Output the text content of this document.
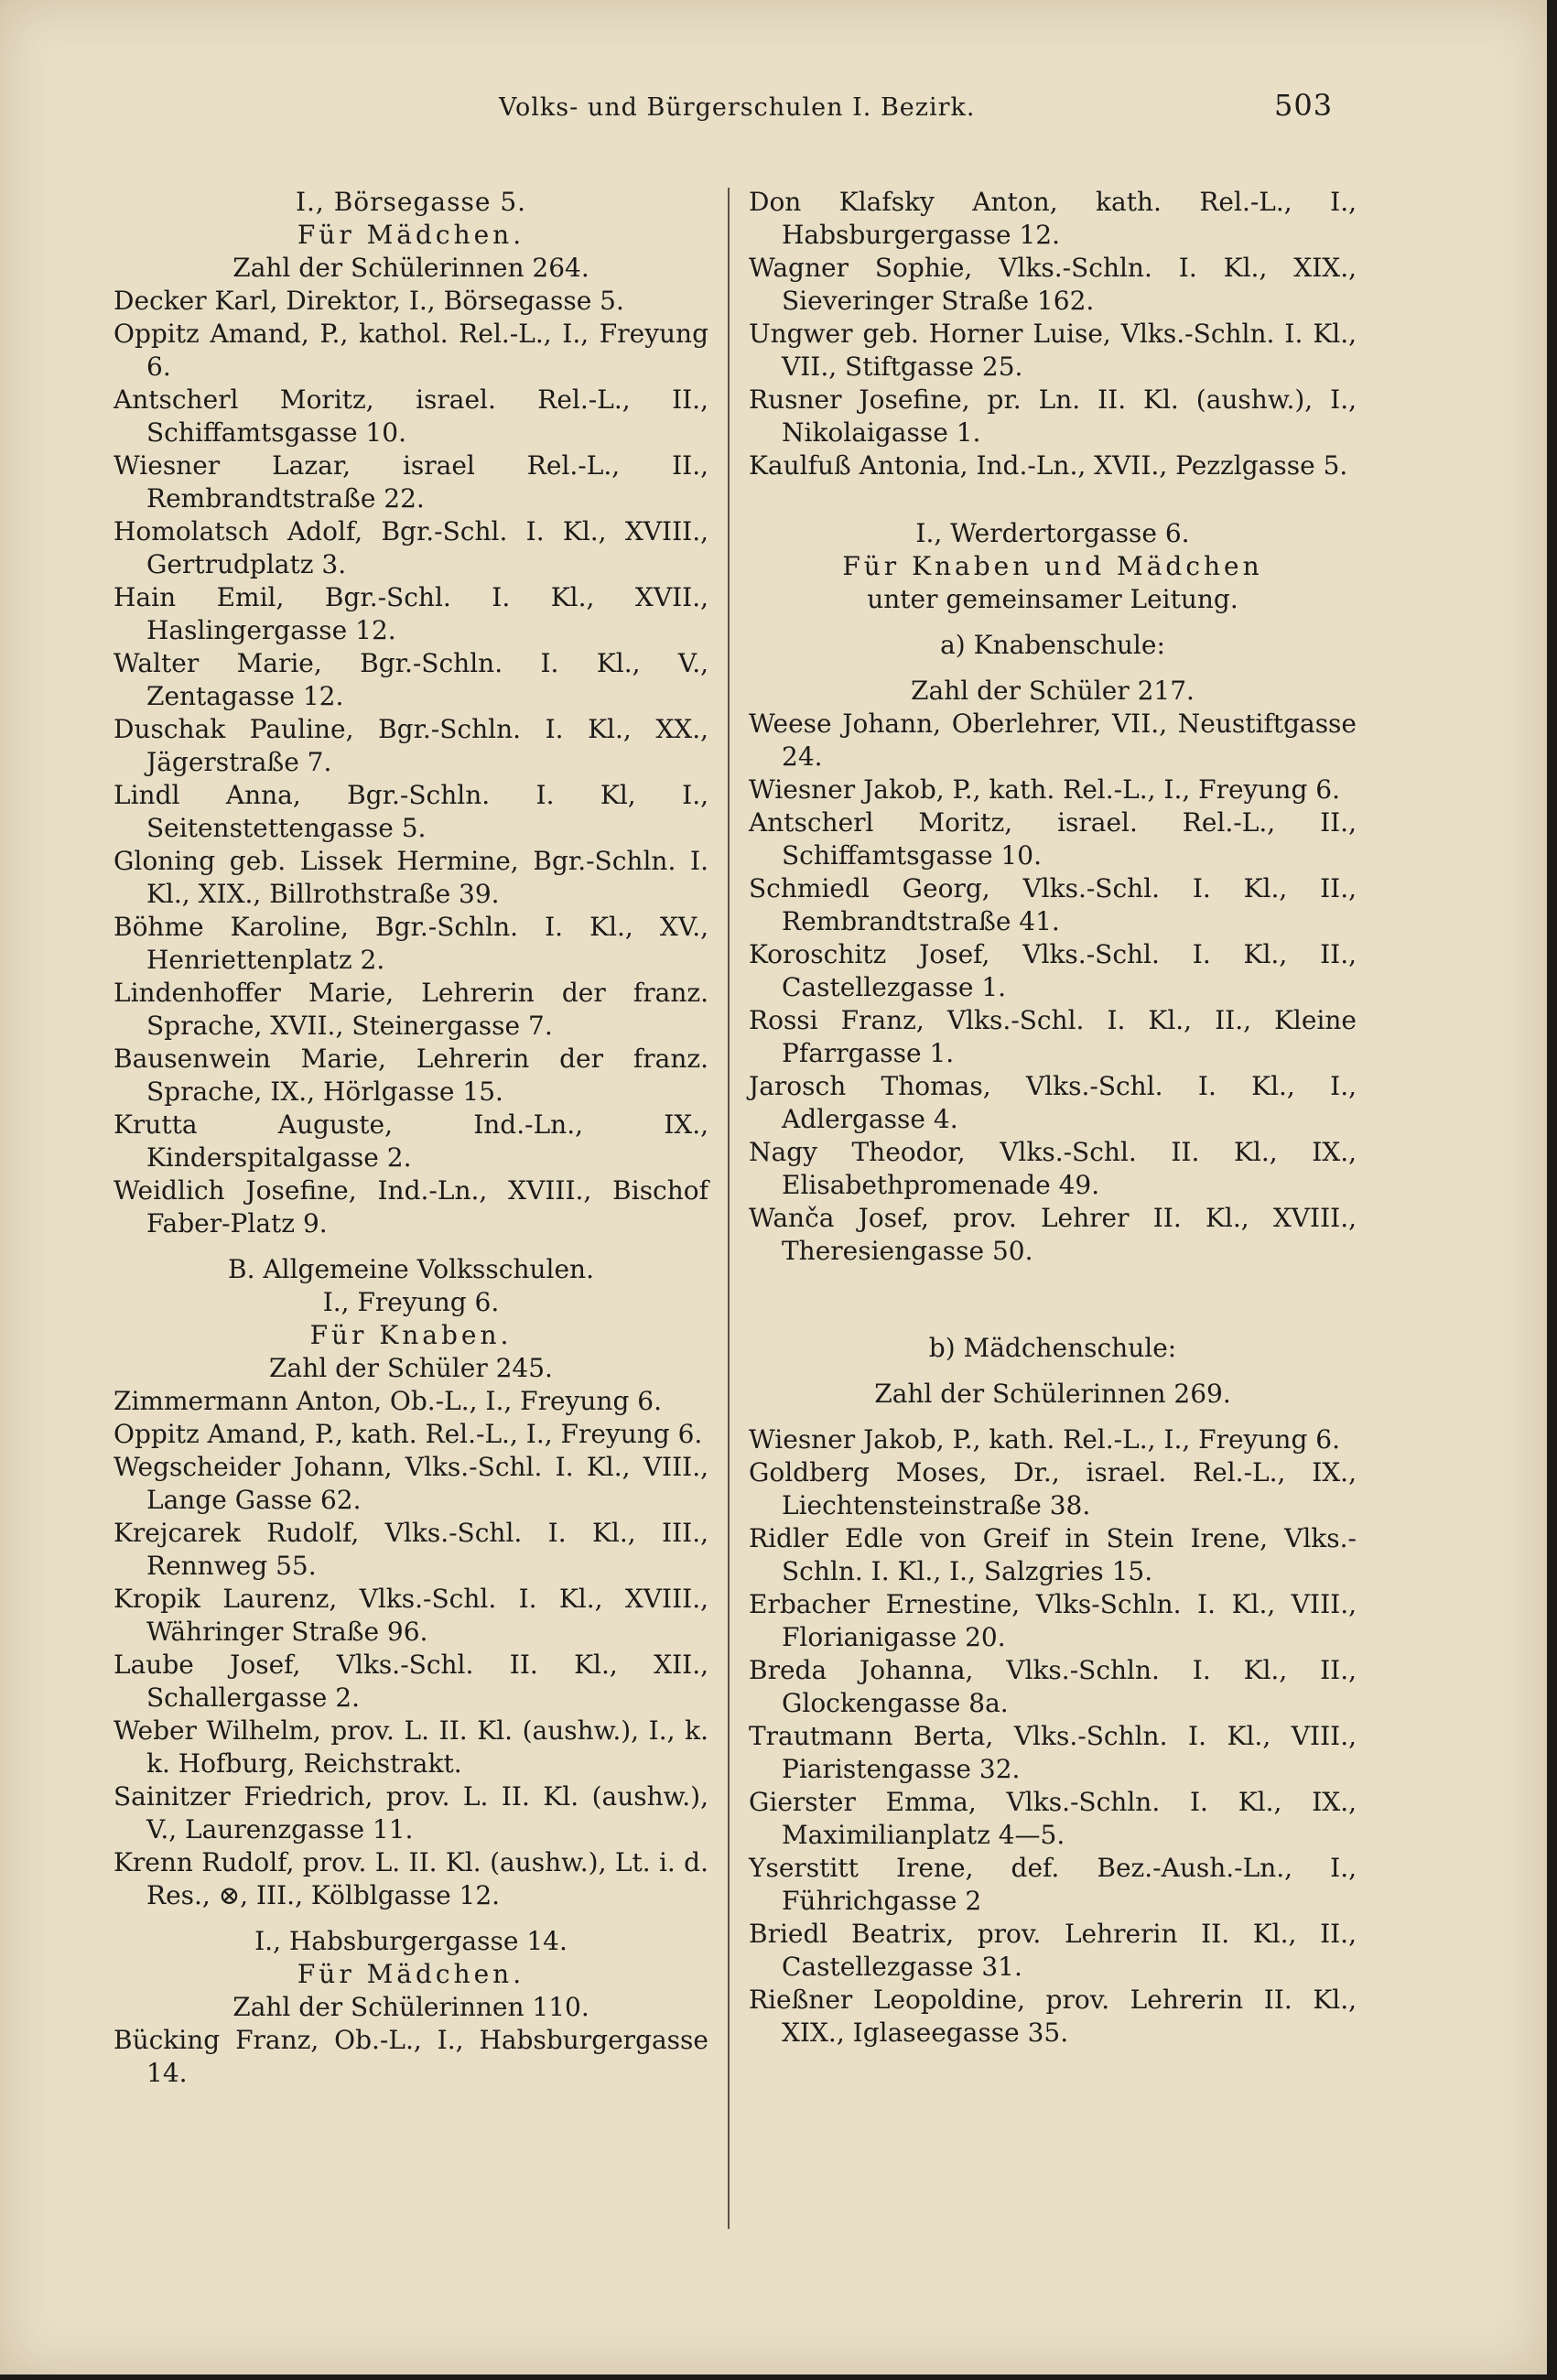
Volks- und Bürgerschulen I. Bezirk.	503
I., Börsegasse 5.
Für Mädchen.
Zahl der Schülerinnen 264.
Decker Karl, Direktor, I., Börsegasse 5.
Oppitz Amand, P., kathol. Rel.-L., I., Freyung 6.
Antscherl Moritz, israel. Rel.-L., II., Schiffamtsgasse 10.
Wiesner Lazar, israel Rel.-L., II., Rembrandtstraße 22.
Homolatsch Adolf, Bgr.-Schl. I. Kl., XVIII., Gertrudplatz 3.
Hain Emil, Bgr.-Schl. I. Kl., XVII., Haslingergasse 12.
Walter Marie, Bgr.-Schln. I. Kl., V., Zentagasse 12.
Duschak Pauline, Bgr.-Schln. I. Kl., XX., Jägerstraße 7.
Lindl Anna, Bgr.-Schln. I. Kl, I., Seitenstettengasse 5.
Gloning geb. Lissek Hermine, Bgr.-Schln. I. Kl., XIX., Billrothstraße 39.
Böhme Karoline, Bgr.-Schln. I. Kl., XV., Henriettenplatz 2.
Lindenhoffer Marie, Lehrerin der franz. Sprache, XVII., Steinergasse 7.
Bausenwein Marie, Lehrerin der franz. Sprache, IX., Hörlgasse 15.
Krutta Auguste, Ind.-Ln., IX., Kinderspitalgasse 2.
Weidlich Josefine, Ind.-Ln., XVIII., Bischof Faber-Platz 9.
B. Allgemeine Volksschulen.
I., Freyung 6.
Für Knaben.
Zahl der Schüler 245.
Zimmermann Anton, Ob.-L., I., Freyung 6.
Oppitz Amand, P., kath. Rel.-L., I., Freyung 6.
Wegscheider Johann, Vlks.-Schl. I. Kl., VIII., Lange Gasse 62.
Krejcarek Rudolf, Vlks.-Schl. I. Kl., III., Rennweg 55.
Kropik Laurenz, Vlks.-Schl. I. Kl., XVIII., Währinger Straße 96.
Laube Josef, Vlks.-Schl. II. Kl., XII., Schallergasse 2.
Weber Wilhelm, prov. L. II. Kl. (aushw.), I., k. k. Hofburg, Reichstrakt.
Sainitzer Friedrich, prov. L. II. Kl. (aushw.), V., Laurenzgasse 11.
Krenn Rudolf, prov. L. II. Kl. (aushw.), Lt. i. d. Res., ⊗, III., Kölblgasse 12.
I., Habsburgergasse 14.
Für Mädchen.
Zahl der Schülerinnen 110.
Bücking Franz, Ob.-L., I., Habsburgergasse 14.
Don Klafsky Anton, kath. Rel.-L., I., Habsburgergasse 12.
Wagner Sophie, Vlks.-Schln. I. Kl., XIX., Sieveringer Straße 162.
Ungwer geb. Horner Luise, Vlks.-Schln. I. Kl., VII., Stiftgasse 25.
Rusner Josefine, pr. Ln. II. Kl. (aushw.), I., Nikolaigasse 1.
Kaulfuß Antonia, Ind.-Ln., XVII., Pezzlgasse 5.
I., Werdertorgasse 6.
Für Knaben und Mädchen
unter gemeinsamer Leitung.
a) Knabenschule:
Zahl der Schüler 217.
Weese Johann, Oberlehrer, VII., Neustiftgasse 24.
Wiesner Jakob, P., kath. Rel.-L., I., Freyung 6.
Antscherl Moritz, israel. Rel.-L., II., Schiffamtsgasse 10.
Schmiedl Georg, Vlks.-Schl. I. Kl., II., Rembrandtstraße 41.
Koroschitz Josef, Vlks.-Schl. I. Kl., II., Castellezgasse 1.
Rossi Franz, Vlks.-Schl. I. Kl., II., Kleine Pfarrgasse 1.
Jarosch Thomas, Vlks.-Schl. I. Kl., I., Adlergasse 4.
Nagy Theodor, Vlks.-Schl. II. Kl., IX., Elisabethpromenade 49.
Wanča Josef, prov. Lehrer II. Kl., XVIII., Theresiengasse 50.
b) Mädchenschule:
Zahl der Schülerinnen 269.
Wiesner Jakob, P., kath. Rel.-L., I., Freyung 6.
Goldberg Moses, Dr., israel. Rel.-L., IX., Liechtensteinstraße 38.
Ridler Edle von Greif in Stein Irene, Vlks.-Schln. I. Kl., I., Salzgries 15.
Erbacher Ernestine, Vlks-Schln. I. Kl., VIII., Florianigasse 20.
Breda Johanna, Vlks.-Schln. I. Kl., II., Glockengasse 8a.
Trautmann Berta, Vlks.-Schln. I. Kl., VIII., Piaristengasse 32.
Gierster Emma, Vlks.-Schln. I. Kl., IX., Maximilianplatz 4—5.
Yserstitt Irene, def. Bez.-Aush.-Ln., I., Führichgasse 2
Briedl Beatrix, prov. Lehrerin II. Kl., II., Castellezgasse 31.
Rießner Leopoldine, prov. Lehrerin II. Kl., XIX., Iglaseegasse 35.
